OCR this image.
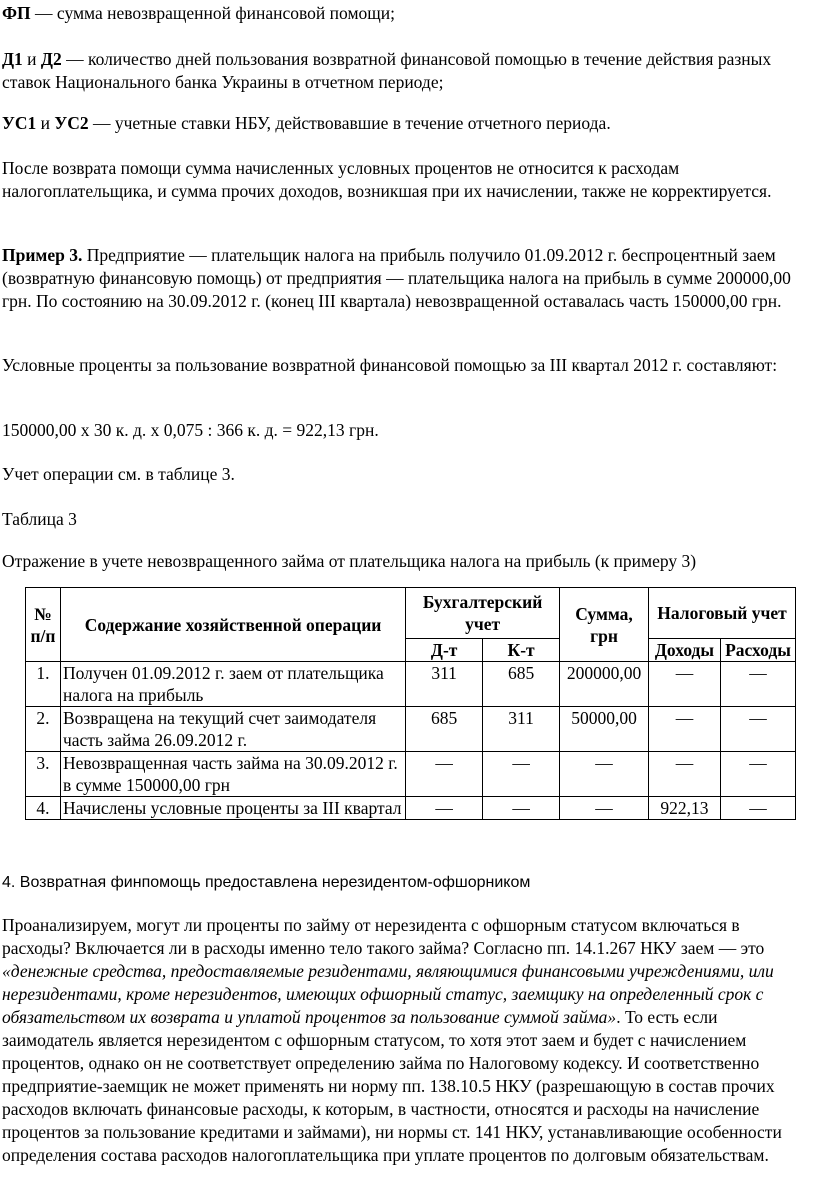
ФП — сумма невозвращенной финансовой помощи;

Д1 и Д2 — количество дней пользования возвратной финансовой помощью в течение действия разных ставок Национального банка Украины в отчетном периоде;

УС1 и УС2 — учетные ставки НБУ, действовавшие в течение отчетного периода.

После возврата помощи сумма начисленных условных процентов не относится к расходам налогоплательщика, и сумма прочих доходов, возникшая при их начислении, также не корректируется.

Пример 3. Предприятие — плательщик налога на прибыль получило 01.09.2012 г. беспроцентный заем (возвратную финансовую помощь) от предприятия — плательщика налога на прибыль в сумме 200000,00 грн. По состоянию на 30.09.2012 г. (конец III квартала) невозвращенной оставалась часть 150000,00 грн.

Условные проценты за пользование возвратной финансовой помощью за III квартал 2012 г. составляют:

150000,00 х 30 к. д. х 0,075 : 366 к. д. = 922,13 грн.

Учет операции см. в таблице 3.

Таблица 3

Отражение в учете невозвращенного займа от плательщика налога на прибыль (к примеру 3)

№ п/п	Содержание хозяйственной операции	Бухгалтерский учет		Сумма, грн	Налоговый учет	
		Д-т	К-т		Доходы	Расходы
1.	Получен 01.09.2012 г. заем от плательщика налога на прибыль	311	685	200000,00	—	—
2.	Возвращена на текущий счет заимодателя часть займа 26.09.2012 г.	685	311	50000,00	—	—
3.	Невозвращенная часть займа на 30.09.2012 г. в сумме 150000,00 грн	—	—	—	—	—
4.	Начислены условные проценты за III квартал	—	—	—	922,13	—

4. Возвратная финпомощь предоставлена нерезидентом-офшорником

Проанализируем, могут ли проценты по займу от нерезидента с офшорным статусом включаться в расходы? Включается ли в расходы именно тело такого займа? Согласно пп. 14.1.267 НКУ заем — это «денежные средства, предоставляемые резидентами, являющимися финансовыми учреждениями, или нерезидентами, кроме нерезидентов, имеющих офшорный статус, заемщику на определенный срок с обязательством их возврата и уплатой процентов за пользование суммой займа». То есть если заимодатель является нерезидентом с офшорным статусом, то хотя этот заем и будет с начислением процентов, однако он не соответствует определению займа по Налоговому кодексу. И соответственно предприятие-заемщик не может применять ни норму пп. 138.10.5 НКУ (разрешающую в состав прочих расходов включать финансовые расходы, к которым, в частности, относятся и расходы на начисление процентов за пользование кредитами и займами), ни нормы ст. 141 НКУ, устанавливающие особенности определения состава расходов налогоплательщика при уплате процентов по долговым обязательствам.
